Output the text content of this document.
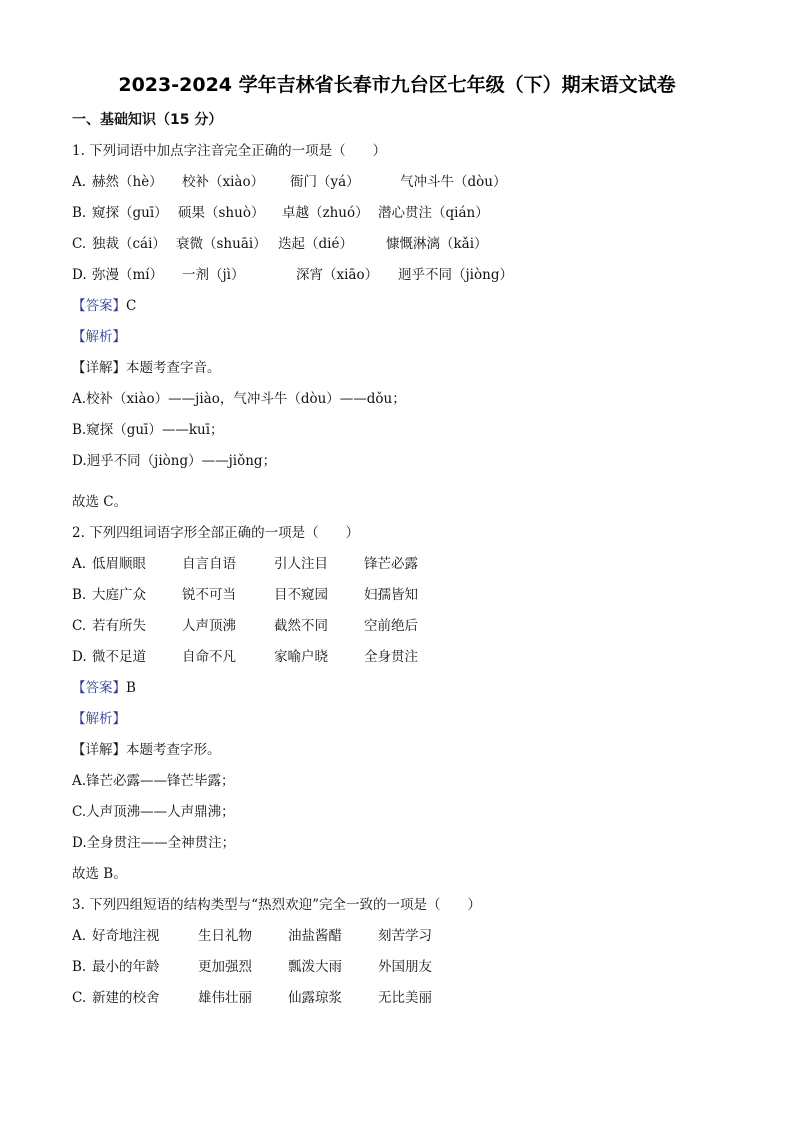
2023-2024 学年吉林省长春市九台区七年级（下）期末语文试卷
一、基础知识（15 分）
1. 下列词语中加点字注音完全正确的一项是（　　）
A. 赫然（hè） 校补（xiào） 衙门（yá）	气冲斗牛（dòu）
B. 窥探（guī） 硕果（shuò） 卓越（zhuó） 潜心贯注（qián）
C. 独裁（cái） 衰微（shuāi） 迭起（dié） 慷慨淋漓（kǎi）
D. 弥漫（mí） 一剂（jì）	深宵（xiāo） 迥乎不同（jiòng）
【答案】C
【解析】
【详解】本题考查字音。
A.校补（xiào）——jiào，气冲斗牛（dòu）——dǒu；
B.窥探（guī）——kuī；
D.迥乎不同（jiòng）——jiǒng；
故选 C。
2. 下列四组词语字形全部正确的一项是（　　）
A. 低眉顺眼	自言自语	引人注目	锋芒必露
B. 大庭广众	锐不可当	目不窥园	妇孺皆知
C. 若有所失	人声顶沸	截然不同	空前绝后
D. 微不足道	自命不凡	家喻户晓	全身贯注
【答案】B
【解析】
【详解】本题考查字形。
A.锋芒必露——锋芒毕露；
C.人声顶沸——人声鼎沸；
D.全身贯注——全神贯注；
故选 B。
3. 下列四组短语的结构类型与“热烈欢迎”完全一致的一项是（　　）
A. 好奇地注视	生日礼物	油盐酱醋	刻苦学习
B. 最小的年龄	更加强烈	瓢泼大雨	外国朋友
C. 新建的校舍	雄伟壮丽	仙露琼浆	无比美丽
